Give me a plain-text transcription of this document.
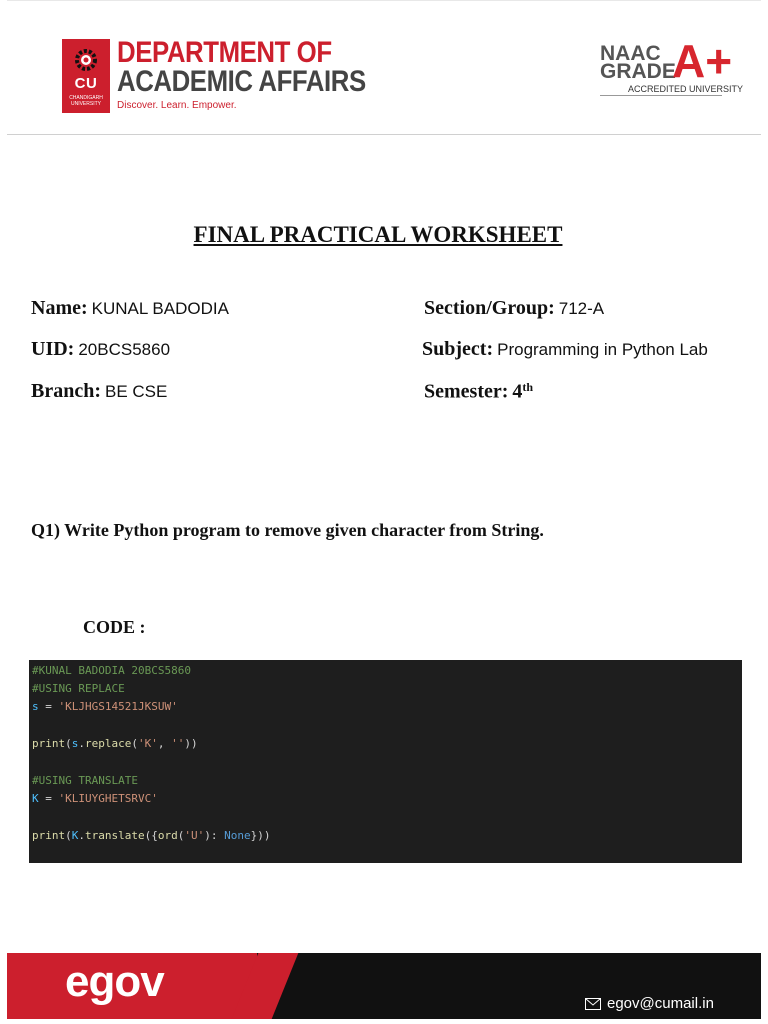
CU
CHANDIGARH UNIVERSITY
DEPARTMENT OF
ACADEMIC AFFAIRS
Discover. Learn. Empower.
NAAC
GRADE
A+
ACCREDITED UNIVERSITY
FINAL PRACTICAL WORKSHEET
Name: KUNAL BADODIA	Section/Group: 712-A
UID: 20BCS5860	Subject: Programming in Python Lab
Branch: BE CSE	Semester: 4th
Q1) Write Python program to remove given character from String.
CODE :
#KUNAL BADODIA 20BCS5860
#USING REPLACE
s = 'KLJHGS14521JKSUW'
print(s.replace('K', ''))
#USING TRANSLATE
K = 'KLIUYGHETSRVC'
print(K.translate({ord('U'): None}))
egov	egov@cumail.in
